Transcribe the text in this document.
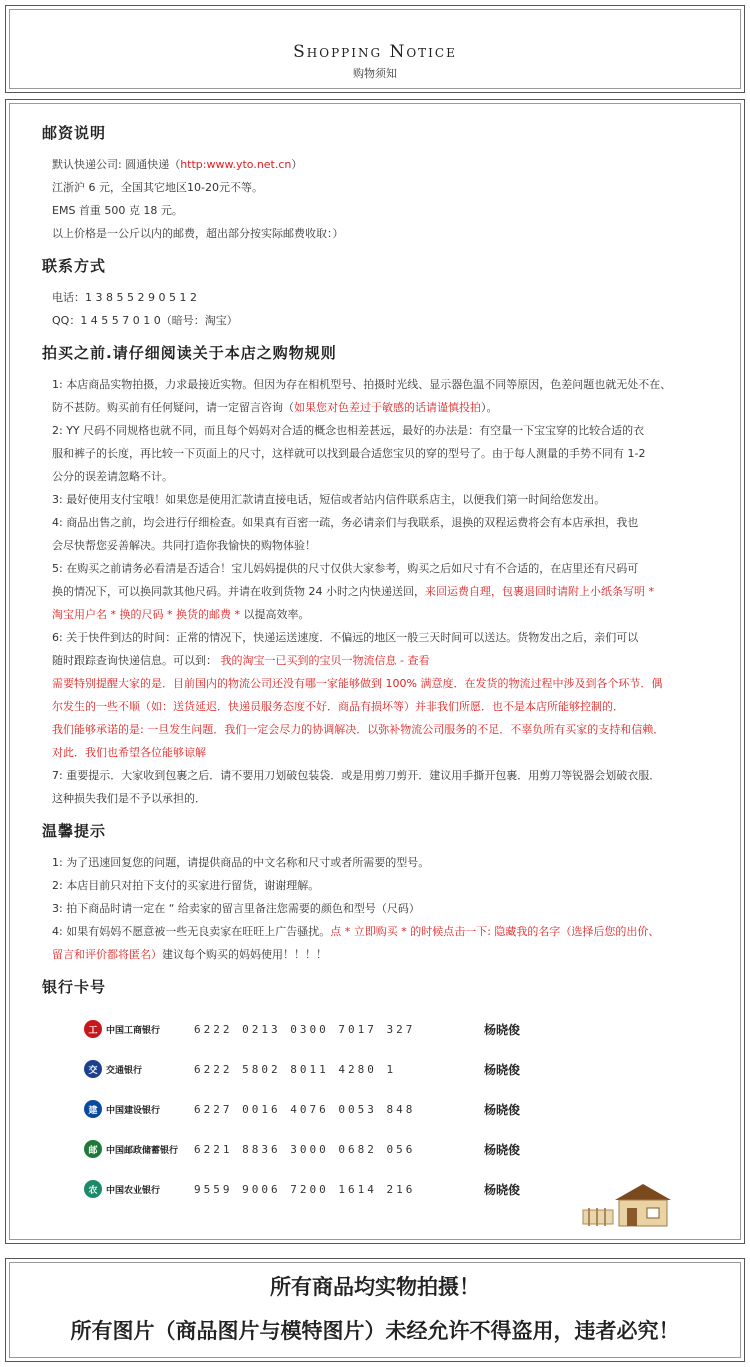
Shopping Notice
购物须知
邮资说明
默认快递公司: 圆通快递（http:www.yto.net.cn）
江浙沪 6 元，全国其它地区10-20元不等。
EMS 首重 500 克 18 元。
以上价格是一公斤以内的邮费，超出部分按实际邮费收取：）
联系方式
电话：1 3 8 5 5 2 9 0 5 1 2
QQ：1 4 5 5 7 0 1 0（暗号：淘宝）
拍买之前.请仔细阅读关于本店之购物规则
1: 本店商品实物拍摄，力求最接近实物。但因为存在相机型号、拍摄时光线、显示器色温不同等原因，色差问题也就无处不在、
防不甚防。购买前有任何疑问，请一定留言咨询（如果您对色差过于敏感的话请谨慎投拍）。
2: YY 尺码不同规格也就不同，而且每个妈妈对合适的概念也相差甚远，最好的办法是：有空量一下宝宝穿的比较合适的衣
服和裤子的长度，再比较一下页面上的尺寸，这样就可以找到最合适您宝贝的穿的型号了。由于每人测量的手势不同有 1-2
公分的误差请忽略不计。
3: 最好使用支付宝哦！如果您是使用汇款请直接电话，短信或者站内信件联系店主，以便我们第一时间给您发出。
4: 商品出售之前，均会进行仔细检查。如果真有百密一疏，务必请亲们与我联系，退换的双程运费将会有本店承担，我也
会尽快帮您妥善解决。共同打造你我愉快的购物体验！
5: 在购买之前请务必看清是否适合！宝儿妈妈提供的尺寸仅供大家参考，购买之后如尺寸有不合适的，在店里还有尺码可
换的情况下，可以换同款其他尺码。并请在收到货物 24 小时之内快递送回，来回运费自理，包裹退回时请附上小纸条写明 *
淘宝用户名 * 换的尺码 * 换货的邮费 * 以提高效率。
6: 关于快件到达的时间：正常的情况下，快递运送速度．不偏远的地区一般三天时间可以送达。货物发出之后，亲们可以
随时跟踪查询快递信息。可以到： 我的淘宝一已买到的宝贝一物流信息 - 查看
需要特别提醒大家的是．目前国内的物流公司还没有哪一家能够做到 100% 满意度．在发货的物流过程中涉及到各个环节．偶
尔发生的一些不顺（如：送货延迟．快递员服务态度不好．商品有损坏等）并非我们所愿．也不是本店所能够控制的．
我们能够承诺的是: 一旦发生问题．我们一定会尽力的协调解决．以弥补物流公司服务的不足．不辜负所有买家的支持和信赖．
对此．我们也希望各位能够谅解
7: 重要提示．大家收到包裹之后．请不要用刀划破包装袋．或是用剪刀剪开．建议用手撕开包裹．用剪刀等锐器会划破衣服．
这种损失我们是不予以承担的．
温馨提示
1: 为了迅速回复您的问题，请提供商品的中文名称和尺寸或者所需要的型号。
2: 本店目前只对拍下支付的买家进行留货，谢谢理解。
3: 拍下商品时请一定在 “ 给卖家的留言里备注您需要的颜色和型号（尺码）
4: 如果有妈妈不愿意被一些无良卖家在旺旺上广告骚扰。点 * 立即购买 * 的时候点击一下: 隐藏我的名字（选择后您的出价、
留言和评价都将匿名）建议每个购买的妈妈使用！！！！
银行卡号
工 中国工商银行	6222 0213 0300 7017 327	杨晓俊
交 交通银行	6222 5802 8011 4280 1	杨晓俊
建 中国建设银行	6227 0016 4076 0053 848	杨晓俊
邮 中国邮政储蓄银行 6221 8836 3000 0682 056	杨晓俊
农 中国农业银行	9559 9006 7200 1614 216	杨晓俊
所有商品均实物拍摄！
所有图片（商品图片与模特图片）未经允许不得盗用，违者必究！
